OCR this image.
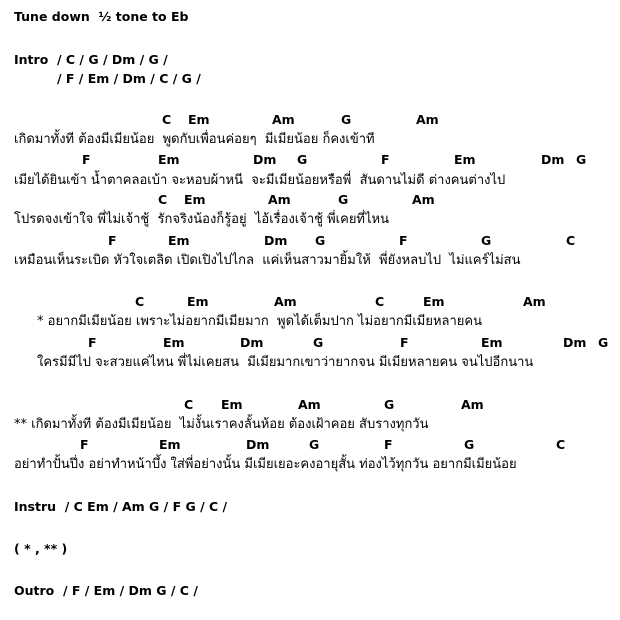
Tune down  ½ tone to Eb
Intro  / C / G / Dm / G /
/ F / Em / Dm / C / G /
C Em	Am	G	Am
เกิดมาทั้งที ต้องมีเมียน้อย  พูดกับเพื่อนค่อยๆ  มีเมียน้อย ก็คงเข้าที
F	Em	Dm G	F	Em	Dm G
เมียได้ยินเข้า น้ำตาคลอเบ้า จะหอบผ้าหนี  จะมีเมียน้อยหรือพี่  สันดานไม่ดี ต่างคนต่างไป
C Em	Am	G	Am
โปรดจงเข้าใจ พี่ไม่เจ้าชู้  รักจริงน้องก็รู้อยู่  ไอ้เรื่องเจ้าชู้ พี่เคยที่ไหน
F	Em	Dm G	F	G	C
เหมือนเห็นระเบิด หัวใจเตลิด เปิดเปิงไปไกล  แค่เห็นสาวมายิ้มให้  พี่ยังหลบไป  ไม่แคร์ไม่สน
C	Em	Am	C	Em	Am
* อยากมีเมียน้อย เพราะไม่อยากมีเมียมาก  พูดได้เต็มปาก ไม่อยากมีเมียหลายคน
F	Em	Dm	G	F	Em	Dm G
ใครมีมีไป จะสวยแค่ไหน พี่ไม่เคยสน  มีเมียมากเขาว่ายากจน มีเมียหลายคน จนไปอีกนาน
C Em	Am	G	Am
** เกิดมาทั้งที ต้องมีเมียน้อย  ไม่งั้นเราคงลั้นห้อย ต้องเฝ้าคอย สับรางทุกวัน
F	Em	Dm	G	F	G	C
อย่าทำปั้นปึ่ง อย่าทำหน้าบึ้ง ใส่พี่อย่างนั้น มีเมียเยอะคงอายุสั้น ท่องไว้ทุกวัน อยากมีเมียน้อย
Instru  / C Em / Am G / F G / C /
( * , ** )
Outro  / F / Em / Dm G / C /
